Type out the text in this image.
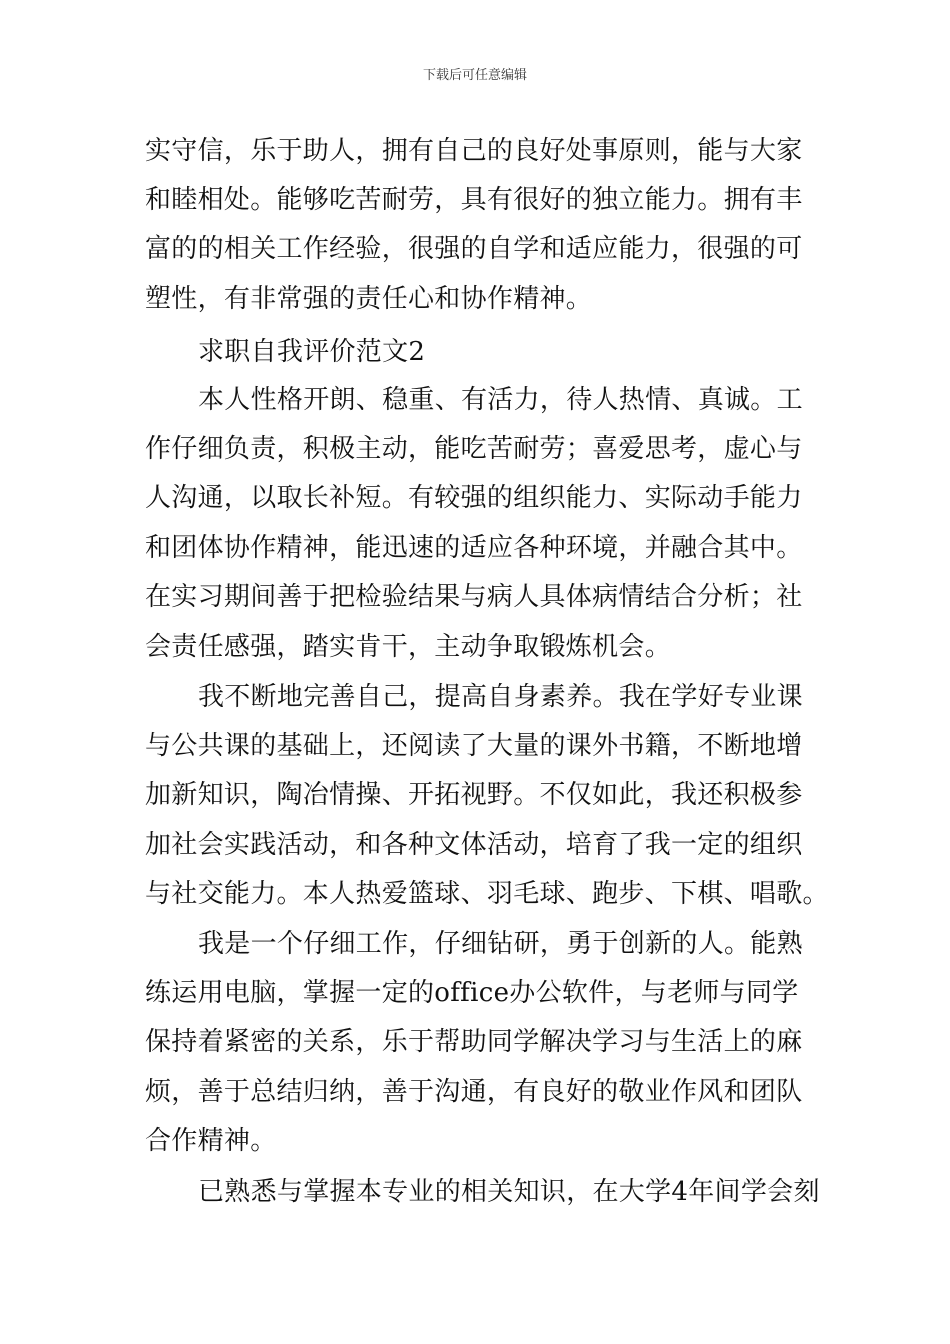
下载后可任意编辑
实守信，乐于助人，拥有自己的良好处事原则，能与大家
和睦相处。能够吃苦耐劳，具有很好的独立能力。拥有丰
富的的相关工作经验，很强的自学和适应能力，很强的可
塑性，有非常强的责任心和协作精神。
求职自我评价范文2
本人性格开朗、稳重、有活力，待人热情、真诚。工
作仔细负责，积极主动，能吃苦耐劳；喜爱思考，虚心与
人沟通，以取长补短。有较强的组织能力、实际动手能力
和团体协作精神，能迅速的适应各种环境，并融合其中。
在实习期间善于把检验结果与病人具体病情结合分析；社
会责任感强，踏实肯干，主动争取锻炼机会。
我不断地完善自己，提高自身素养。我在学好专业课
与公共课的基础上，还阅读了大量的课外书籍，不断地增
加新知识，陶冶情操、开拓视野。不仅如此，我还积极参
加社会实践活动，和各种文体活动，培育了我一定的组织
与社交能力。本人热爱篮球、羽毛球、跑步、下棋、唱歌。
我是一个仔细工作，仔细钻研，勇于创新的人。能熟
练运用电脑，掌握一定的office办公软件，与老师与同学
保持着紧密的关系，乐于帮助同学解决学习与生活上的麻
烦，善于总结归纳，善于沟通，有良好的敬业作风和团队
合作精神。
已熟悉与掌握本专业的相关知识，在大学4年间学会刻
